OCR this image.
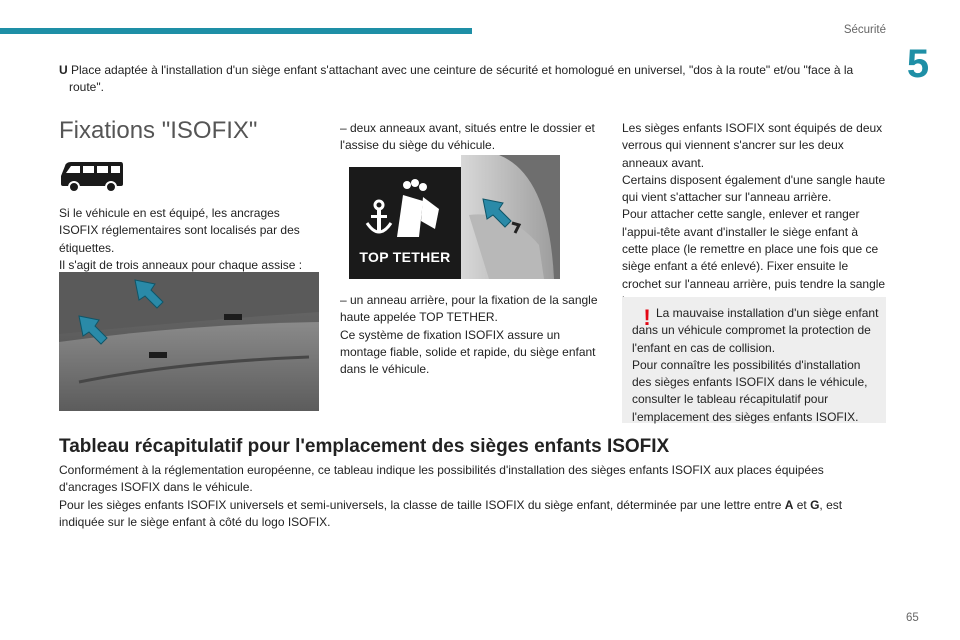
Sécurité
5

U Place adaptée à l'installation d'un siège enfant s'attachant avec une ceinture de sécurité et homologué en universel, "dos à la route" et/ou "face à la route".

Fixations "ISOFIX"

Si le véhicule en est équipé, les ancrages ISOFIX réglementaires sont localisés par des étiquettes.

Il s'agit de trois anneaux pour chaque assise :

– deux anneaux avant, situés entre le dossier et l'assise du siège du véhicule.

TOP TETHER

– un anneau arrière, pour la fixation de la sangle haute appelée TOP TETHER.

Ce système de fixation ISOFIX assure un montage fiable, solide et rapide, du siège enfant dans le véhicule.

Les sièges enfants ISOFIX sont équipés de deux verrous qui viennent s'ancrer sur les deux anneaux avant.

Certains disposent également d'une sangle haute qui vient s'attacher sur l'anneau arrière.

Pour attacher cette sangle, enlever et ranger l'appui-tête avant d'installer le siège enfant à cette place (le remettre en place une fois que ce siège enfant a été enlevé). Fixer ensuite le crochet sur l'anneau arrière, puis tendre la sangle

La mauvaise installation d'un siège enfant dans un véhicule compromet la protection de l'enfant en cas de collision.

Pour connaître les possibilités d'installation des sièges enfants ISOFIX dans le véhicule, consulter le tableau récapitulatif pour l'emplacement des sièges enfants ISOFIX.

!
Tableau récapitulatif pour l'emplacement des sièges enfants ISOFIX

Conformément à la réglementation européenne, ce tableau indique les possibilités d'installation des sièges enfants ISOFIX aux places équipées d'ancrages ISOFIX dans le véhicule.

Pour les sièges enfants ISOFIX universels et semi-universels, la classe de taille ISOFIX du siège enfant, déterminée par une lettre entre A et G, est indiquée sur le siège enfant à côté du logo ISOFIX.

65
